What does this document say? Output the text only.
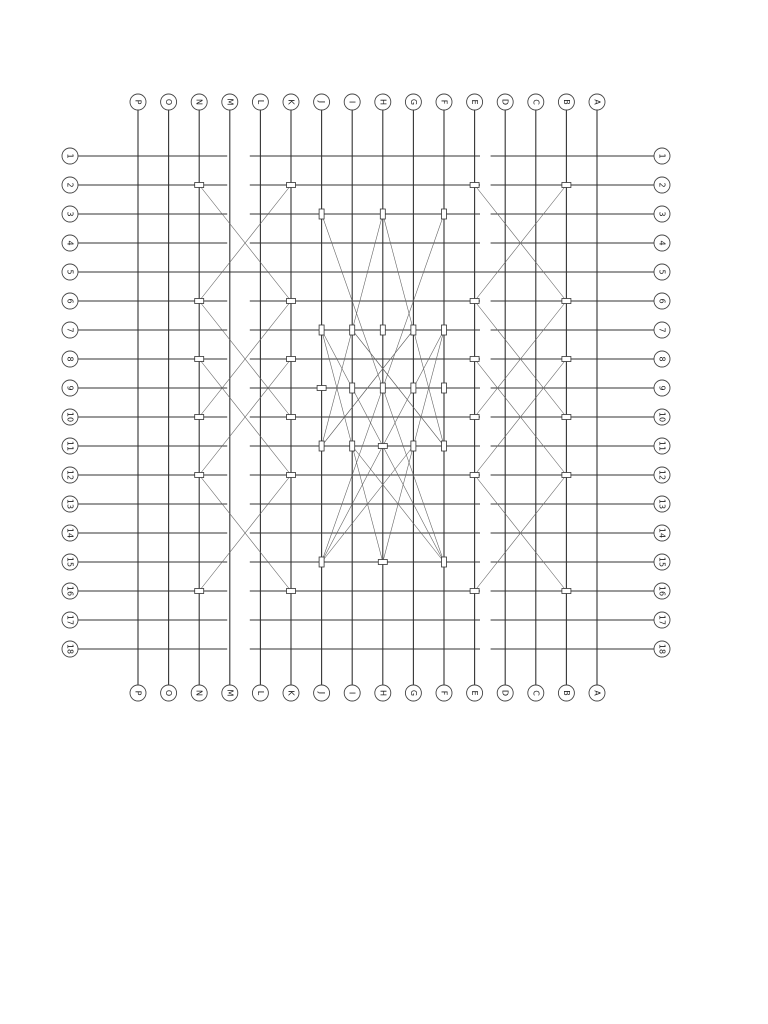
P
P
O
O
N
N
M
M
L
L
K
K
J
J
I
I
H
H
G
G
F
F
E
E
D
D
C
C
B
B
A
A
1	1
2	2
3	3
4	4
5	5
6	6
7	7
8	8
9	9
10	10
11	11
12	12
13	13
14	14
15	15
16	16
17	17
18	18
